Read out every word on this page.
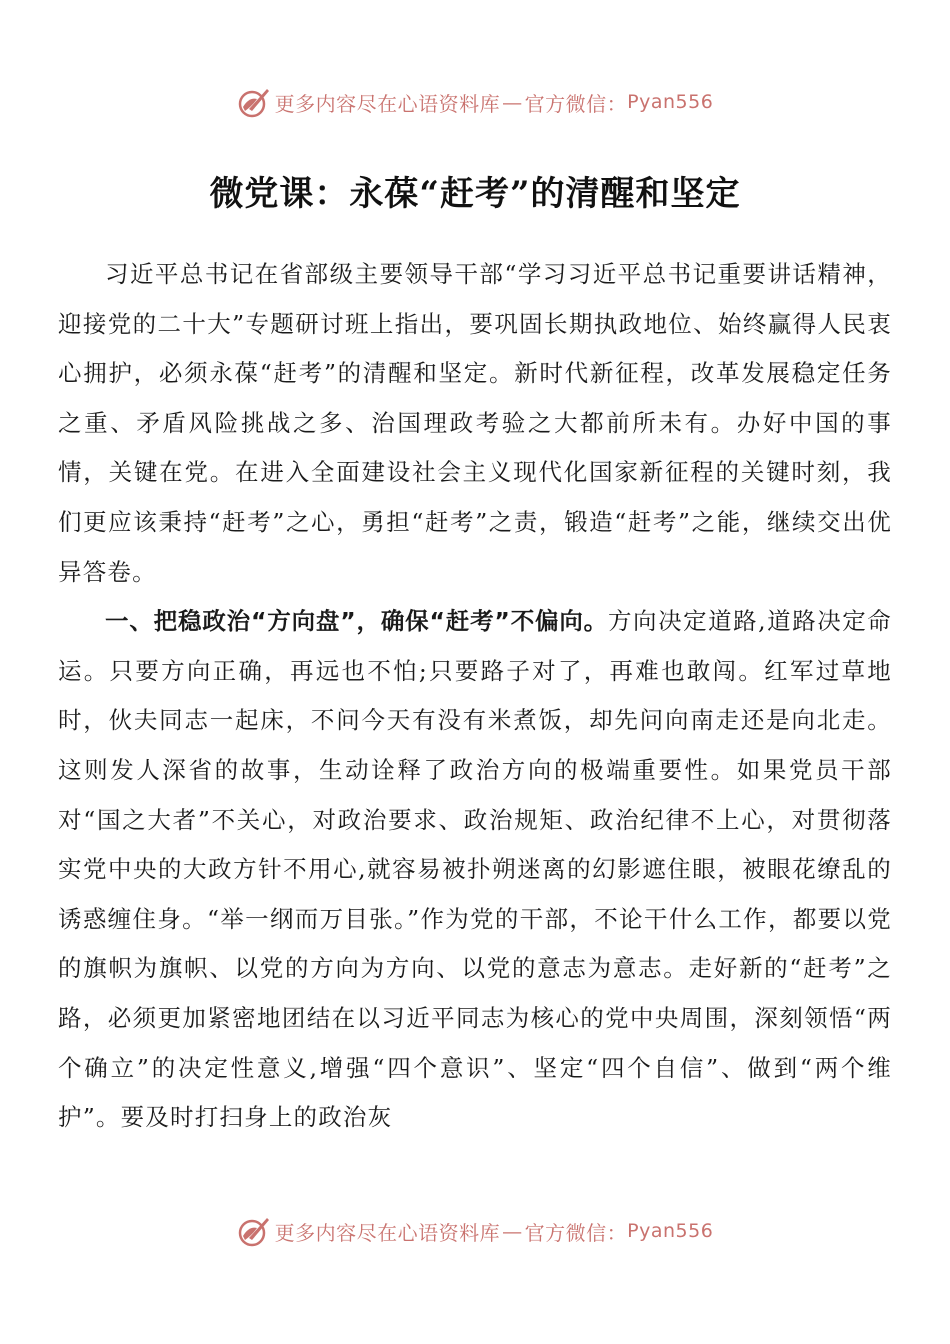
更多内容尽在心语资料库 — 官方微信： Pyan556
微党课：永葆“赶考”的清醒和坚定

习近平总书记在省部级主要领导干部“学习习近平总书记重要讲话精神，迎接党的二十大”专题研讨班上指出，要巩固长期执政地位、始终赢得人民衷心拥护，必须永葆“赶考”的清醒和坚定。新时代新征程，改革发展稳定任务之重、矛盾风险挑战之多、治国理政考验之大都前所未有。办好中国的事情，关键在党。在进入全面建设社会主义现代化国家新征程的关键时刻，我们更应该秉持“赶考”之心，勇担“赶考”之责，锻造“赶考”之能，继续交出优异答卷。

一、把稳政治“方向盘”，确保“赶考”不偏向。方向决定道路,道路决定命运。只要方向正确，再远也不怕;只要路子对了，再难也敢闯。红军过草地时，伙夫同志一起床，不问今天有没有米煮饭，却先问向南走还是向北走。这则发人深省的故事，生动诠释了政治方向的极端重要性。如果党员干部对“国之大者”不关心，对政治要求、政治规矩、政治纪律不上心，对贯彻落实党中央的大政方针不用心,就容易被扑朔迷离的幻影遮住眼，被眼花缭乱的诱惑缠住身。“举一纲而万目张。”作为党的干部，不论干什么工作，都要以党的旗帜为旗帜、以党的方向为方向、以党的意志为意志。走好新的“赶考”之路，必须更加紧密地团结在以习近平同志为核心的党中央周围，深刻领悟“两个确立”的决定性意义,增强“四个意识”、坚定“四个自信”、做到“两个维护”。要及时打扫身上的政治灰

更多内容尽在心语资料库 — 官方微信： Pyan556
